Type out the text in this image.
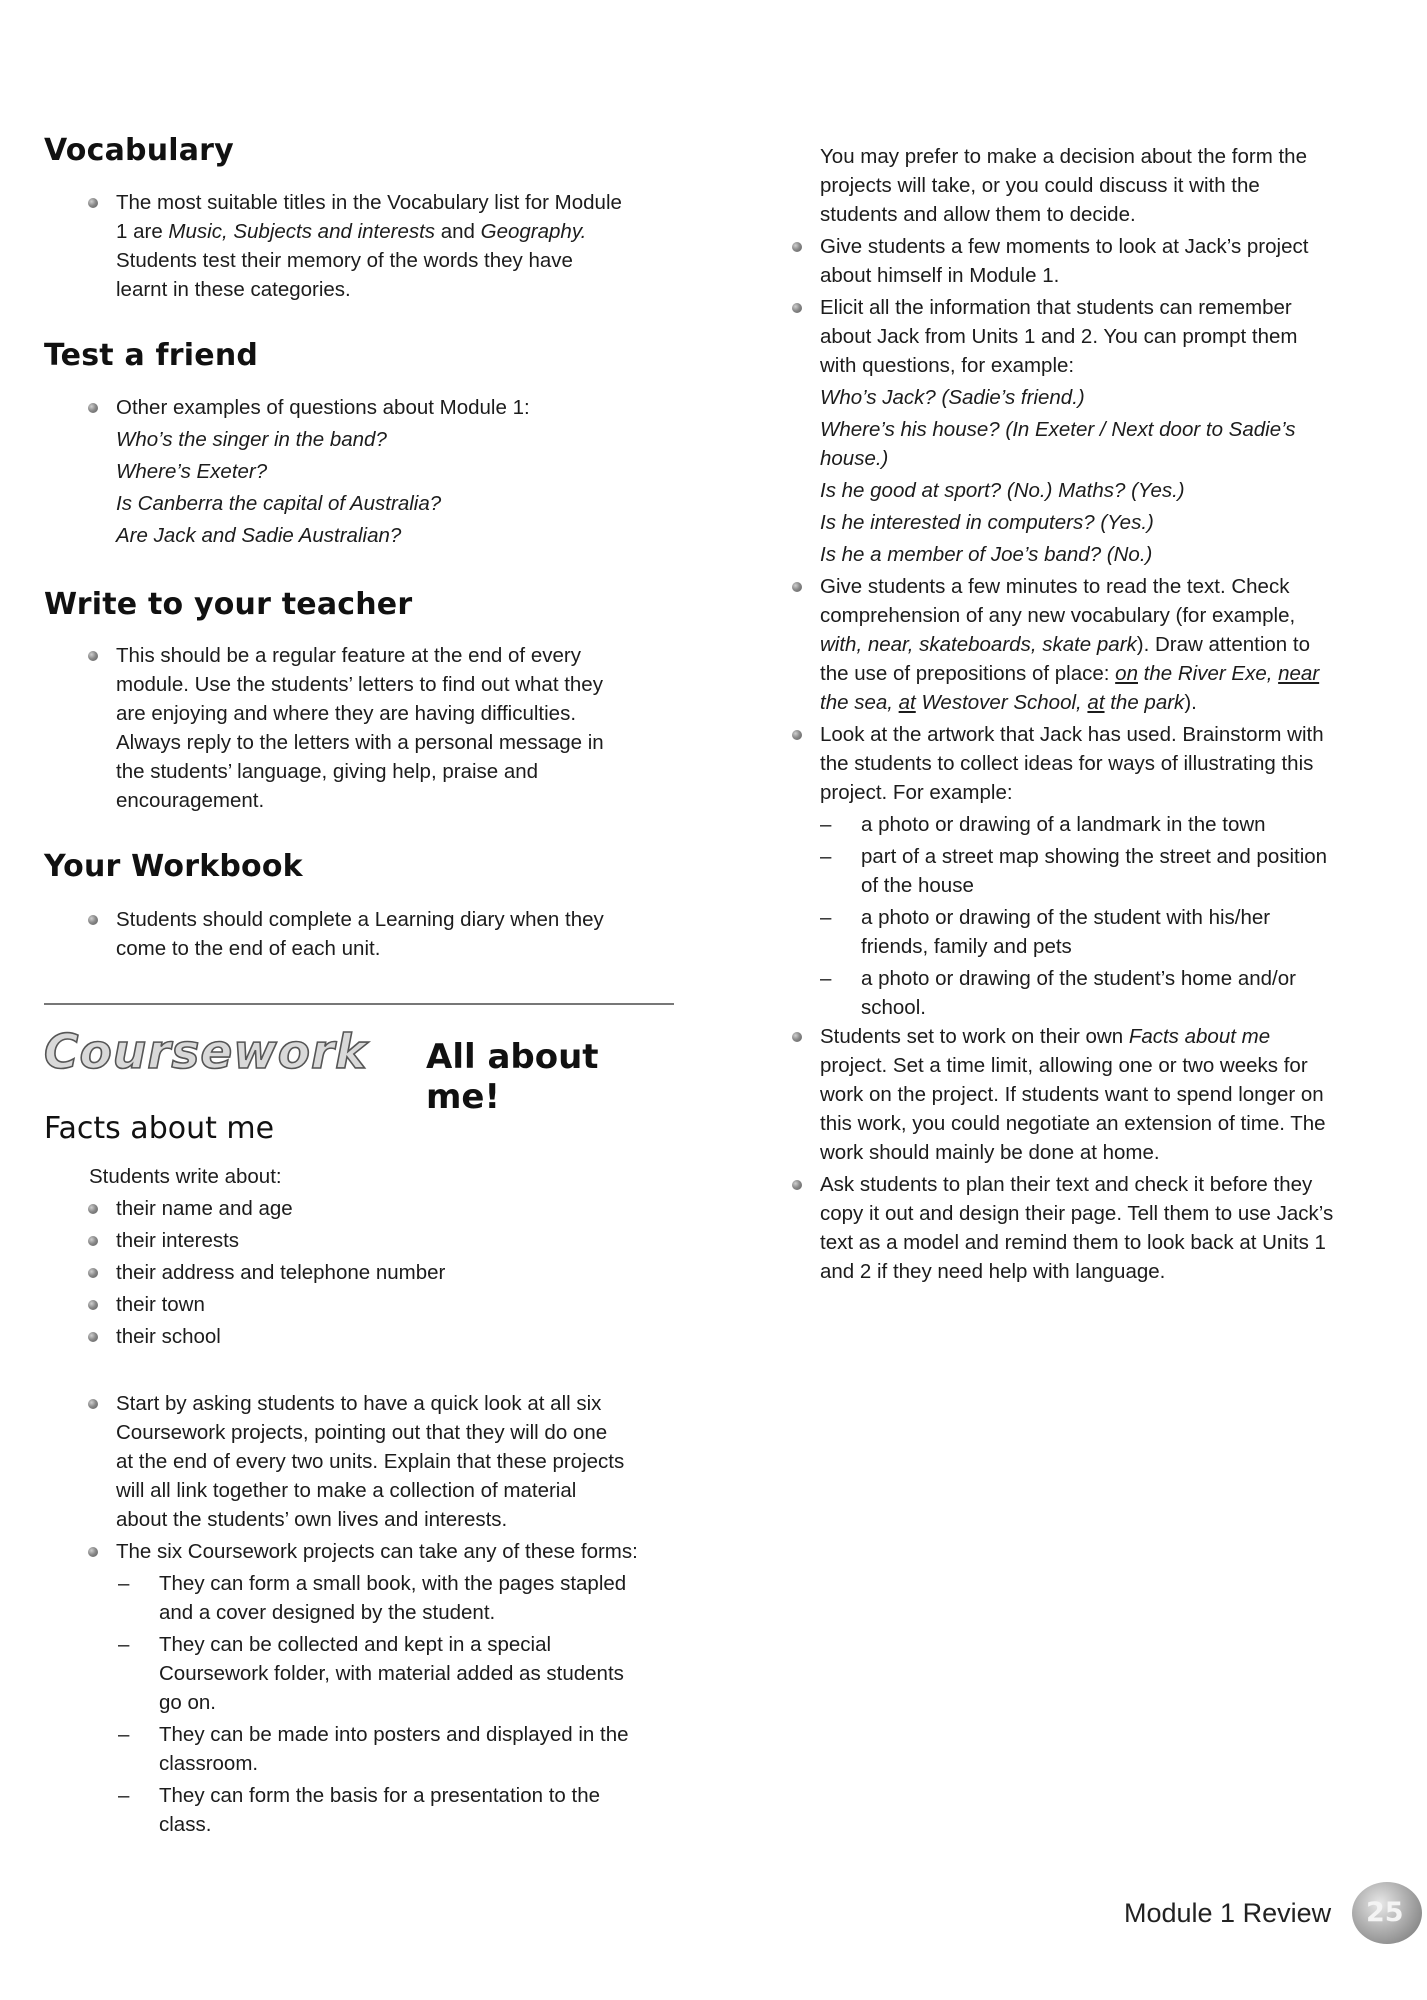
Vocabulary
The most suitable titles in the Vocabulary list for Module
1 are Music, Subjects and interests and Geography.
Students test their memory of the words they have
learnt in these categories.
Test a friend
Other examples of questions about Module 1:
Who’s the singer in the band?
Where’s Exeter?
Is Canberra the capital of Australia?
Are Jack and Sadie Australian?
Write to your teacher
This should be a regular feature at the end of every
module. Use the students’ letters to find out what they
are enjoying and where they are having difficulties.
Always reply to the letters with a personal message in
the students’ language, giving help, praise and
encouragement.
Your Workbook
Students should complete a Learning diary when they
come to the end of each unit.
Coursework All about me!
Facts about me
Students write about:
their name and age
their interests
their address and telephone number
their town
their school
Start by asking students to have a quick look at all six
Coursework projects, pointing out that they will do one
at the end of every two units. Explain that these projects
will all link together to make a collection of material
about the students’ own lives and interests.
The six Coursework projects can take any of these forms:
– They can form a small book, with the pages stapled
and a cover designed by the student.
– They can be collected and kept in a special
Coursework folder, with material added as students
go on.
– They can be made into posters and displayed in the
classroom.
– They can form the basis for a presentation to the
class.
You may prefer to make a decision about the form the
projects will take, or you could discuss it with the
students and allow them to decide.
Give students a few moments to look at Jack’s project
about himself in Module 1.
Elicit all the information that students can remember
about Jack from Units 1 and 2. You can prompt them
with questions, for example:
Who’s Jack? (Sadie’s friend.)
Where’s his house? (In Exeter / Next door to Sadie’s
house.)
Is he good at sport? (No.) Maths? (Yes.)
Is he interested in computers? (Yes.)
Is he a member of Joe’s band? (No.)
Give students a few minutes to read the text. Check
comprehension of any new vocabulary (for example,
with, near, skateboards, skate park). Draw attention to
the use of prepositions of place: on the River Exe, near
the sea, at Westover School, at the park).
Look at the artwork that Jack has used. Brainstorm with
the students to collect ideas for ways of illustrating this
project. For example:
– a photo or drawing of a landmark in the town
– part of a street map showing the street and position
of the house
– a photo or drawing of the student with his/her
friends, family and pets
– a photo or drawing of the student’s home and/or
school.
Students set to work on their own Facts about me
project. Set a time limit, allowing one or two weeks for
work on the project. If students want to spend longer on
this work, you could negotiate an extension of time. The
work should mainly be done at home.
Ask students to plan their text and check it before they
copy it out and design their page. Tell them to use Jack’s
text as a model and remind them to look back at Units 1
and 2 if they need help with language.
Module 1 Review 25
